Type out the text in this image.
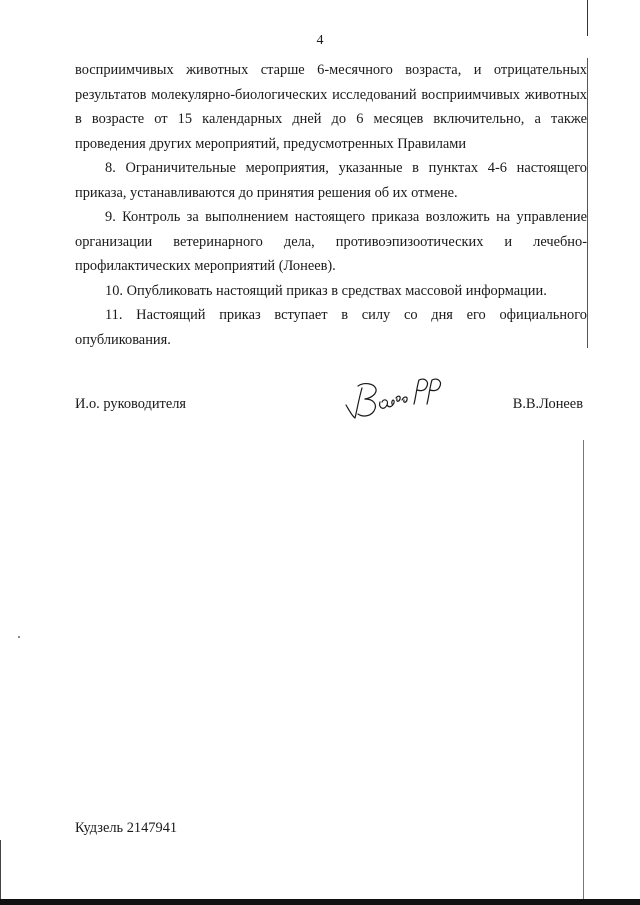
4

восприимчивых животных старше 6-месячного возраста, и отрицательных результатов молекулярно-биологических исследований восприимчивых животных в возрасте от 15 календарных дней до 6 месяцев включительно, а также проведения других мероприятий, предусмотренных Правилами

8. Ограничительные мероприятия, указанные в пунктах 4-6 настоящего приказа, устанавливаются до принятия решения об их отмене.

9. Контроль за выполнением настоящего приказа возложить на управление организации ветеринарного дела, противоэпизоотических и лечебно-профилактических мероприятий (Лонеев).

10. Опубликовать настоящий приказ в средствах массовой информации.

11. Настоящий приказ вступает в силу со дня его официального опубликования.

И.о. руководителя	В.В.Лонеев
Кудзель 2147941
